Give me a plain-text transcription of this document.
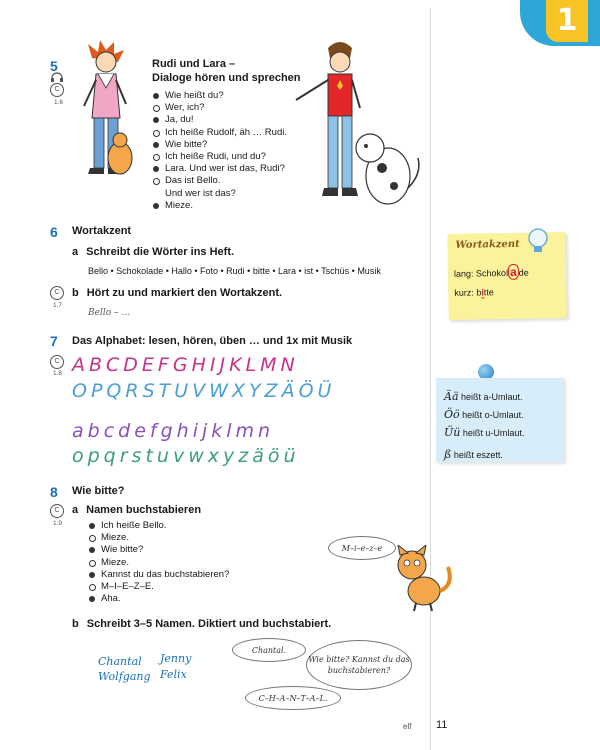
1
5
C
1.6
Rudi und Lara –
Dialoge hören und sprechen
Wie heißt du?
Wer, ich?
Ja, du!
Ich heiße Rudolf, äh … Rudi.
Wie bitte?
Ich heiße Rudi, und du?
Lara. Und wer ist das, Rudi?
Das ist Bello.
Und wer ist das?
Mieze.
6 Wortakzent
a Schreibt die Wörter ins Heft.
Bello • Schokolade • Hallo • Foto • Rudi • bitte • Lara • ist • Tschüs • Musik
C
1.7
b Hört zu und markiert den Wortakzent.
Bello – …
7 Das Alphabet: lesen, hören, üben … und 1x mit Musik
C
1.8 ABCDEFGHIJKLMN
OPQRSTUVWXYZÄÖÜ
abcdefghijklmn
opqrstuvwxyzäöü
8 Wie bitte?
C
1.9
a Namen buchstabieren
Ich heiße Bello.
Mieze.
Wie bitte?
Mieze.
Kannst du das buchstabieren?
M–I–E–Z–E.
Aha.
M–i–e–z–e
b Schreibt 3–5 Namen. Diktiert und buchstabiert.
Chantal Jenny
Wolfgang Felix
Chantal.
Wie bitte? Kannst du das buchstabieren?
C–H–A–N–T–A–L.
Wortakzent
lang: Schokol a de
kurz: bitte
Ää heißt a-Umlaut.
Öö heißt o-Umlaut.
Üü heißt u-Umlaut.
ß heißt eszett.
elf 11
